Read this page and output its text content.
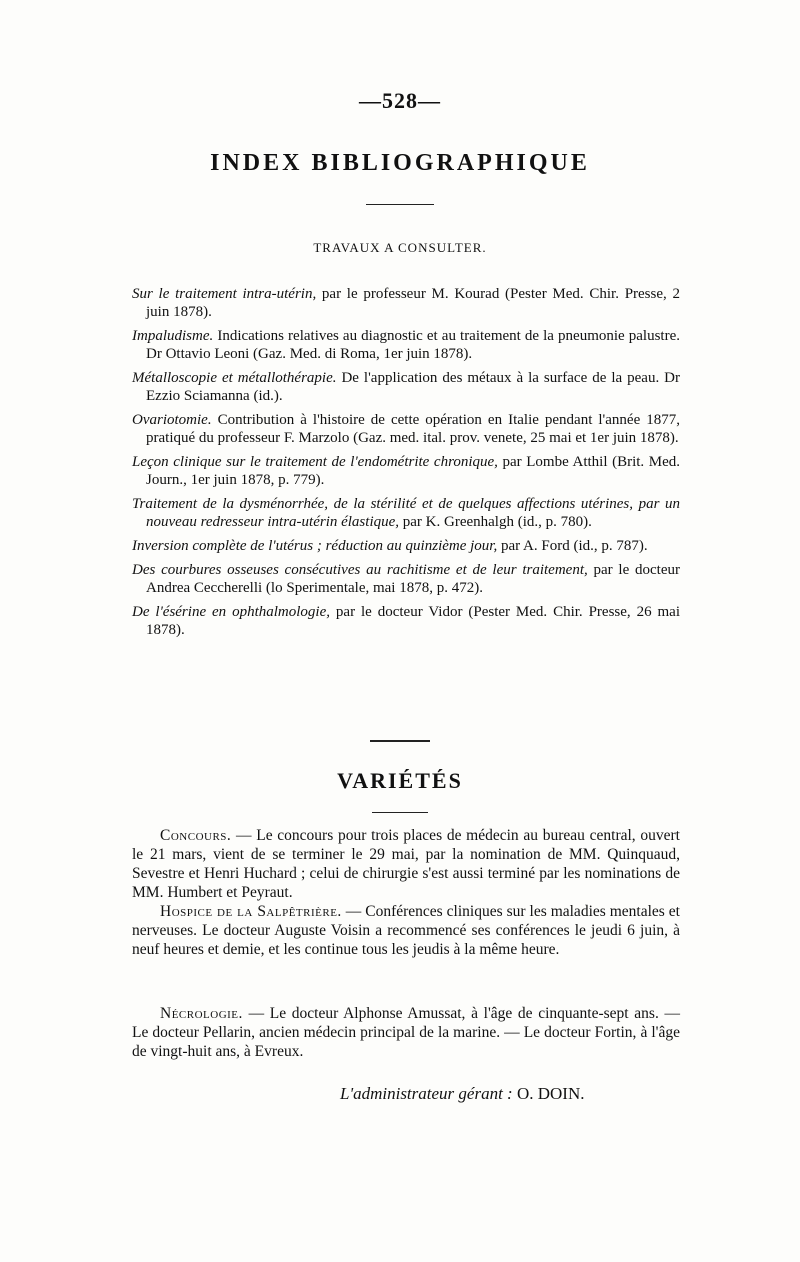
—528—
INDEX BIBLIOGRAPHIQUE
TRAVAUX A CONSULTER.

Sur le traitement intra-utérin, par le professeur M. Kourad (Pester Med. Chir. Presse, 2 juin 1878).

Impaludisme. Indications relatives au diagnostic et au traitement de la pneumonie palustre. Dr Ottavio Leoni (Gaz. Med. di Roma, 1er juin 1878).

Métalloscopie et métallothérapie. De l'application des métaux à la surface de la peau. Dr Ezzio Sciamanna (id.).

Ovariotomie. Contribution à l'histoire de cette opération en Italie pendant l'année 1877, pratiqué du professeur F. Marzolo (Gaz. med. ital. prov. venete, 25 mai et 1er juin 1878).

Leçon clinique sur le traitement de l'endométrite chronique, par Lombe Atthil (Brit. Med. Journ., 1er juin 1878, p. 779).

Traitement de la dysménorrhée, de la stérilité et de quelques affections utérines, par un nouveau redresseur intra-utérin élastique, par K. Greenhalgh (id., p. 780).

Inversion complète de l'utérus ; réduction au quinzième jour, par A. Ford (id., p. 787).

Des courbures osseuses consécutives au rachitisme et de leur traitement, par le docteur Andrea Ceccherelli (lo Sperimentale, mai 1878, p. 472).

De l'ésérine en ophthalmologie, par le docteur Vidor (Pester Med. Chir. Presse, 26 mai 1878).

VARIÉTÉS

Concours. — Le concours pour trois places de médecin au bureau central, ouvert le 21 mars, vient de se terminer le 29 mai, par la nomination de MM. Quinquaud, Sevestre et Henri Huchard ; celui de chirurgie s'est aussi terminé par les nominations de MM. Humbert et Peyraut.

Hospice de la Salpêtrière. — Conférences cliniques sur les maladies mentales et nerveuses. Le docteur Auguste Voisin a recommencé ses conférences le jeudi 6 juin, à neuf heures et demie, et les continue tous les jeudis à la même heure.

Nécrologie. — Le docteur Alphonse Amussat, à l'âge de cinquante-sept ans. — Le docteur Pellarin, ancien médecin principal de la marine. — Le docteur Fortin, à l'âge de vingt-huit ans, à Evreux.

L'administrateur gérant : O. DOIN.
